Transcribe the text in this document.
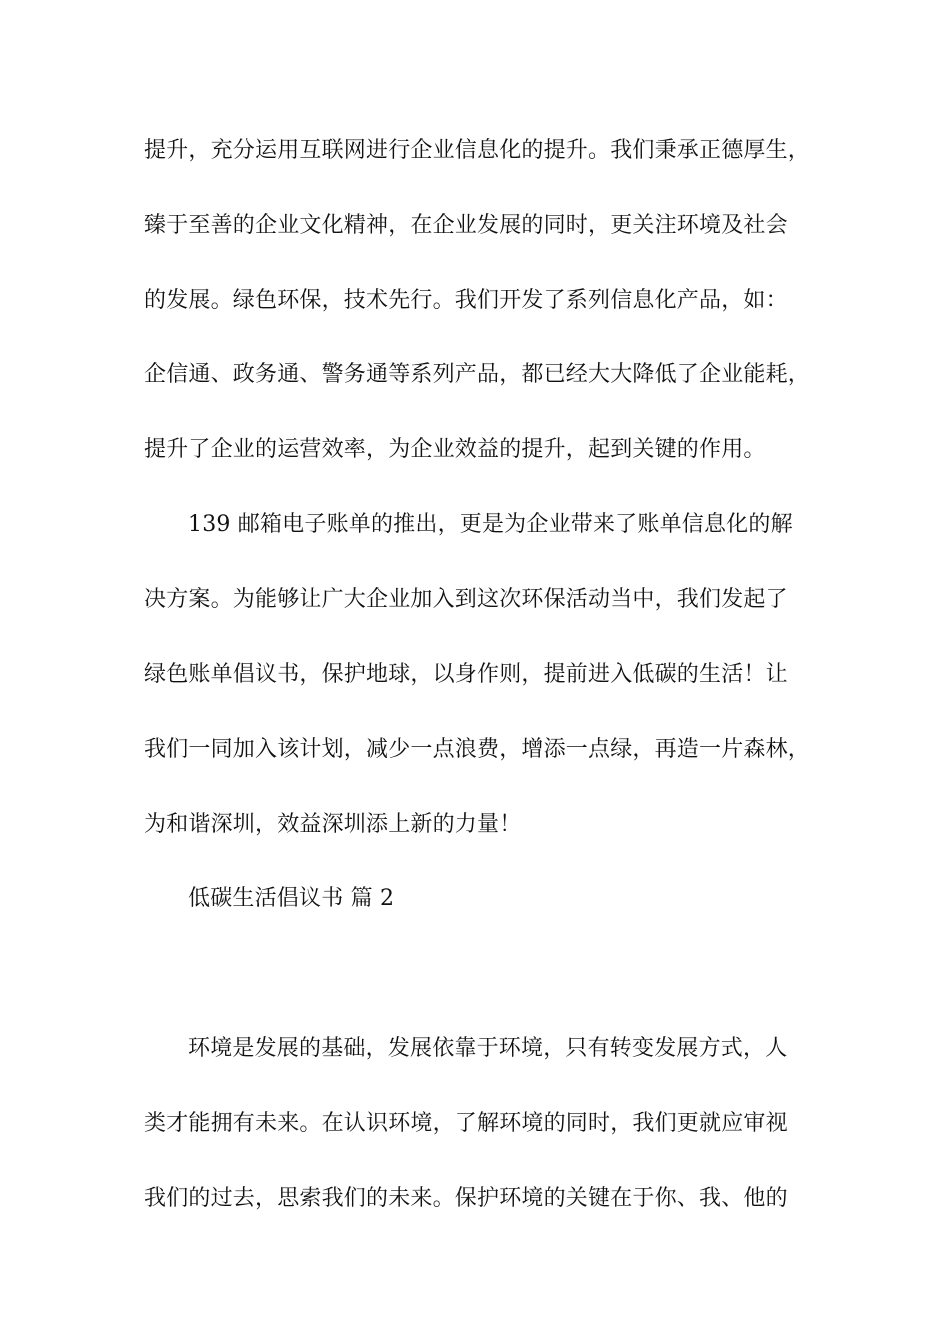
提升，充分运用互联网进行企业信息化的提升。我们秉承正德厚生，
臻于至善的企业文化精神，在企业发展的同时，更关注环境及社会
的发展。绿色环保，技术先行。我们开发了系列信息化产品，如：
企信通、政务通、警务通等系列产品，都已经大大降低了企业能耗，
提升了企业的运营效率，为企业效益的提升，起到关键的作用。
139 邮箱电子账单的推出，更是为企业带来了账单信息化的解
决方案。为能够让广大企业加入到这次环保活动当中，我们发起了
绿色账单倡议书，保护地球，以身作则，提前进入低碳的生活！让
我们一同加入该计划，减少一点浪费，增添一点绿，再造一片森林，
为和谐深圳，效益深圳添上新的力量！
低碳生活倡议书 篇 2
环境是发展的基础，发展依靠于环境，只有转变发展方式，人
类才能拥有未来。在认识环境，了解环境的同时，我们更就应审视
我们的过去，思索我们的未来。保护环境的关键在于你、我、他的
